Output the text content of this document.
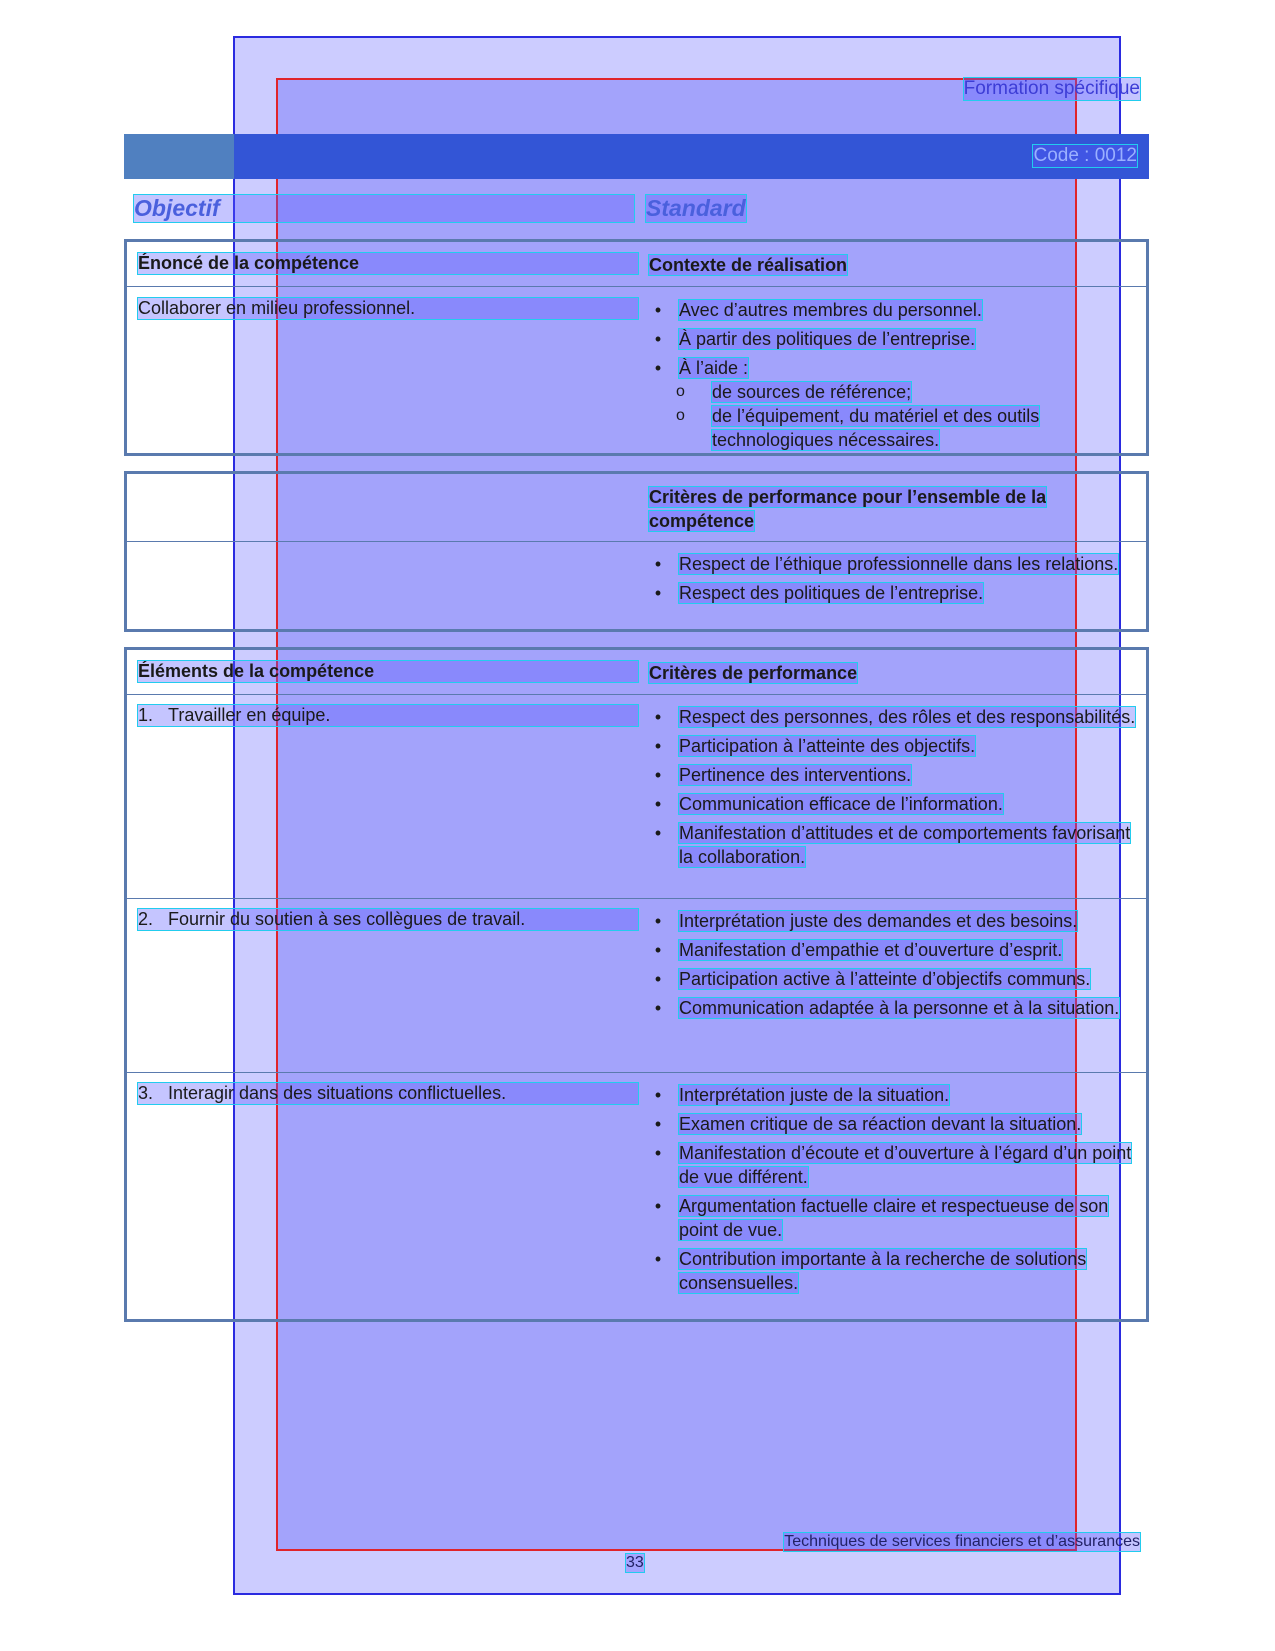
Formation spécifique
Code : 0012
Objectif	Standard
Énoncé de la compétence	Contexte de réalisation
Collaborer en milieu professionnel.	• Avec d’autres membres du personnel.
• À partir des politiques de l’entreprise.
• À l’aide :
o de sources de référence;
o de l’équipement, du matériel et des outils technologiques nécessaires.
Critères de performance pour l’ensemble de la compétence
• Respect de l’éthique professionnelle dans les relations.
• Respect des politiques de l’entreprise.
Éléments de la compétence	Critères de performance
1. Travailler en équipe.	• Respect des personnes, des rôles et des responsabilités.
• Participation à l’atteinte des objectifs.
• Pertinence des interventions.
• Communication efficace de l’information.
• Manifestation d’attitudes et de comportements favorisant la collaboration.
2. Fournir du soutien à ses collègues de travail.	• Interprétation juste des demandes et des besoins.
• Manifestation d’empathie et d’ouverture d’esprit.
• Participation active à l’atteinte d’objectifs communs.
• Communication adaptée à la personne et à la situation.
3. Interagir dans des situations conflictuelles.	• Interprétation juste de la situation.
• Examen critique de sa réaction devant la situation.
• Manifestation d’écoute et d’ouverture à l’égard d’un point de vue différent.
• Argumentation factuelle claire et respectueuse de son point de vue.
• Contribution importante à la recherche de solutions consensuelles.
Techniques de services financiers et d’assurances
33
